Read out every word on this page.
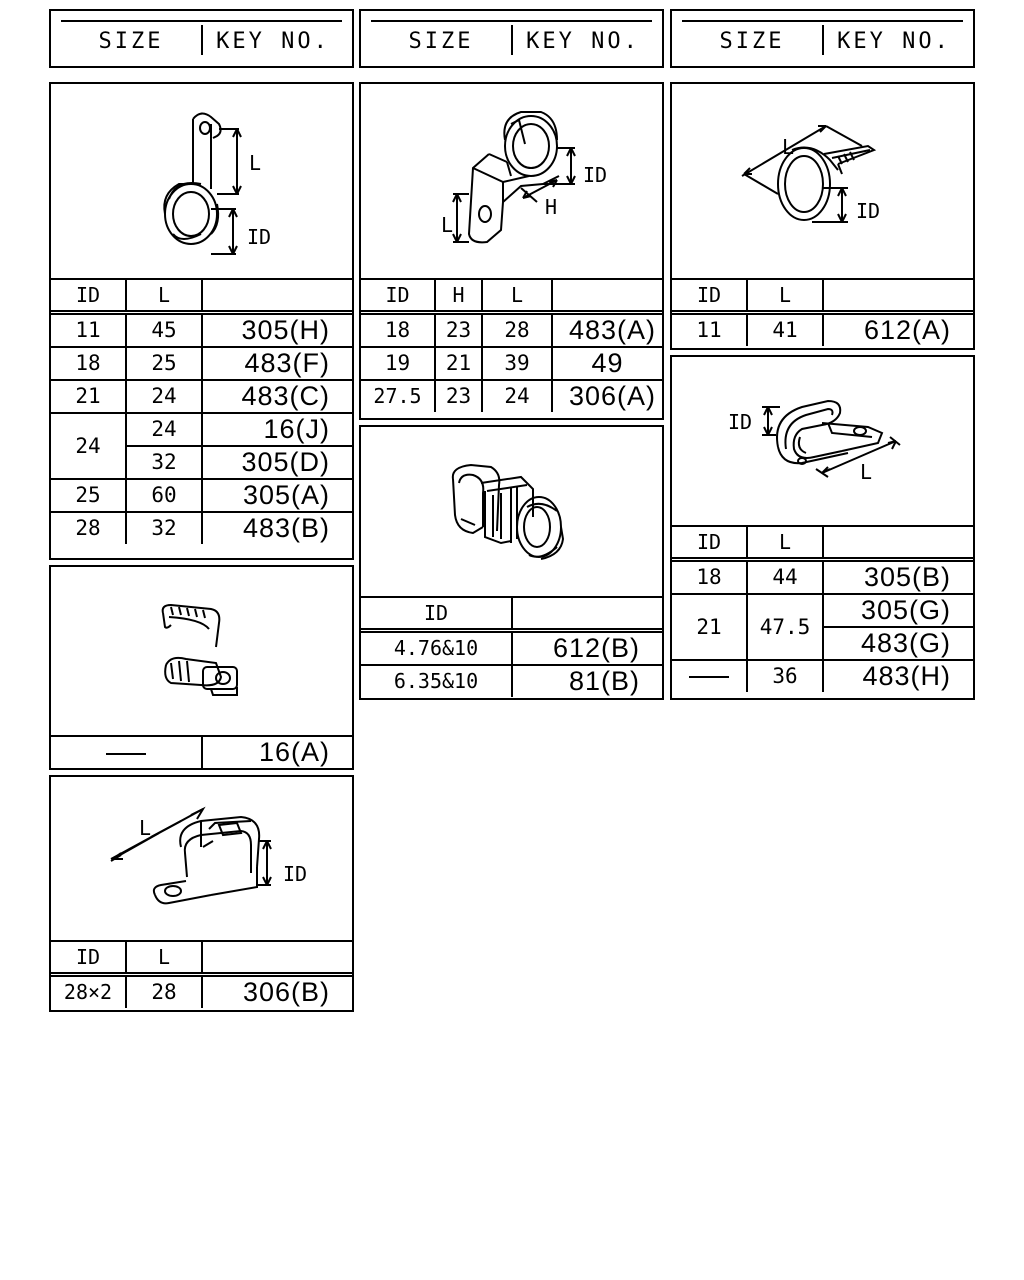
SIZE	KEY NO.	SIZE	KEY NO.	SIZE	KEY NO.
L
ID
ID	L	
11	45	305(H)
18	25	483(F)
21	24	483(C)
24	24	16(J)
	32	305(D)
25	60	305(A)
28	32	483(B)
	16(A)
L
ID
ID	L	
28×2	28	306(B)
L
H
ID
ID	H	L	
18	23	28	483(A)
19	21	39	49
27.5	23	24	306(A)
ID	
4.76&10	612(B)
6.35&10	81(B)
L
ID
ID	L	
11	41	612(A)
ID
L
ID	L	
18	44	305(B)
21	47.5	305(G)
		483(G)
	36	483(H)
